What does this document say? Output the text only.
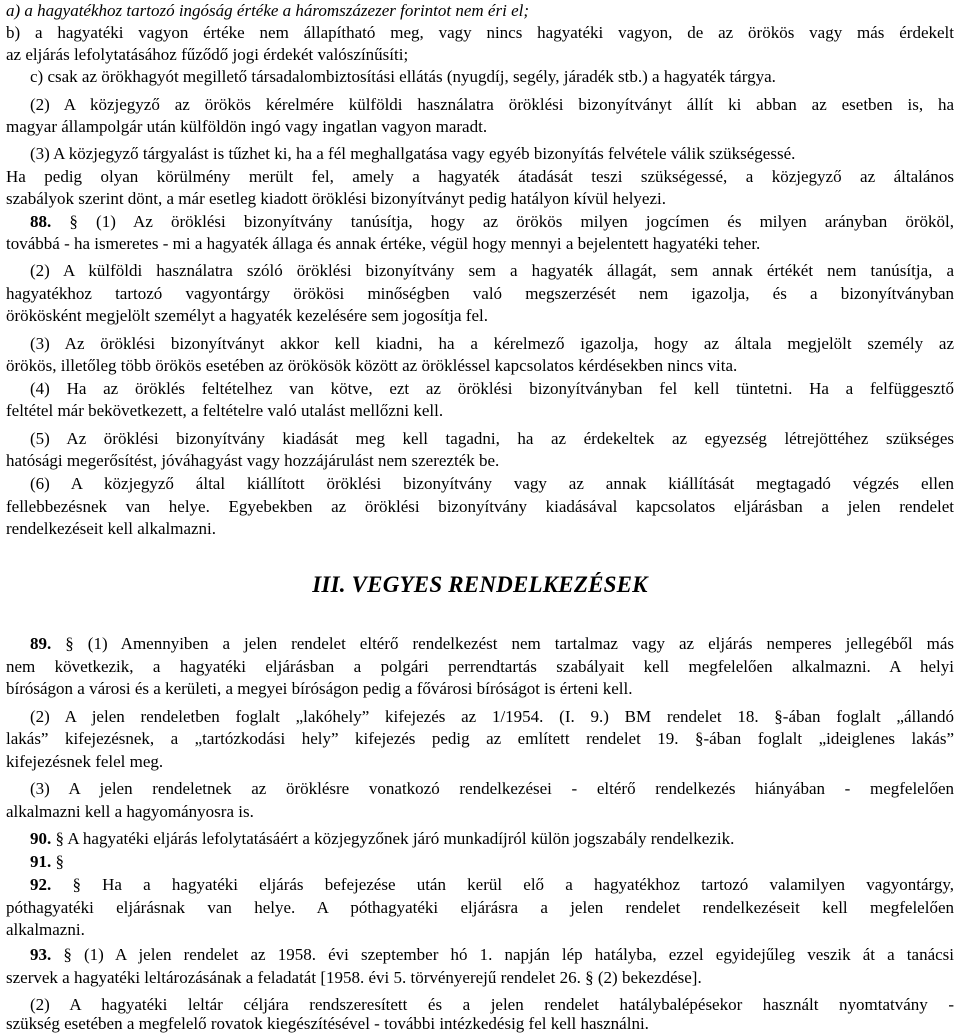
a) a hagyatékhoz tartozó ingóság értéke a háromszázezer forintot nem éri el;
b) a hagyatéki vagyon értéke nem állapítható meg, vagy nincs hagyatéki vagyon, de az örökös vagy más érdekelt
az eljárás lefolytatásához fűződő jogi érdekét valószínűsíti;
c) csak az örökhagyót megillető társadalombiztosítási ellátás (nyugdíj, segély, járadék stb.) a hagyaték tárgya.
(2) A közjegyző az örökös kérelmére külföldi használatra öröklési bizonyítványt állít ki abban az esetben is, ha
magyar állampolgár után külföldön ingó vagy ingatlan vagyon maradt.
(3) A közjegyző tárgyalást is tűzhet ki, ha a fél meghallgatása vagy egyéb bizonyítás felvétele válik szükségessé.
Ha pedig olyan körülmény merült fel, amely a hagyaték átadását teszi szükségessé, a közjegyző az általános
szabályok szerint dönt, a már esetleg kiadott öröklési bizonyítványt pedig hatályon kívül helyezi.
88. § (1) Az öröklési bizonyítvány tanúsítja, hogy az örökös milyen jogcímen és milyen arányban örököl,
továbbá - ha ismeretes - mi a hagyaték állaga és annak értéke, végül hogy mennyi a bejelentett hagyatéki teher.
(2) A külföldi használatra szóló öröklési bizonyítvány sem a hagyaték állagát, sem annak értékét nem tanúsítja, a
hagyatékhoz tartozó vagyontárgy örökösi minőségben való megszerzését nem igazolja, és a bizonyítványban
örökösként megjelölt személyt a hagyaték kezelésére sem jogosítja fel.
(3) Az öröklési bizonyítványt akkor kell kiadni, ha a kérelmező igazolja, hogy az általa megjelölt személy az
örökös, illetőleg több örökös esetében az örökösök között az örökléssel kapcsolatos kérdésekben nincs vita.
(4) Ha az öröklés feltételhez van kötve, ezt az öröklési bizonyítványban fel kell tüntetni. Ha a felfüggesztő
feltétel már bekövetkezett, a feltételre való utalást mellőzni kell.
(5) Az öröklési bizonyítvány kiadását meg kell tagadni, ha az érdekeltek az egyezség létrejöttéhez szükséges
hatósági megerősítést, jóváhagyást vagy hozzájárulást nem szerezték be.
(6) A közjegyző által kiállított öröklési bizonyítvány vagy az annak kiállítását megtagadó végzés ellen
fellebbezésnek van helye. Egyebekben az öröklési bizonyítvány kiadásával kapcsolatos eljárásban a jelen rendelet
rendelkezéseit kell alkalmazni.
III. VEGYES RENDELKEZÉSEK
89. § (1) Amennyiben a jelen rendelet eltérő rendelkezést nem tartalmaz vagy az eljárás nemperes jellegéből más
nem következik, a hagyatéki eljárásban a polgári perrendtartás szabályait kell megfelelően alkalmazni. A helyi
bíróságon a városi és a kerületi, a megyei bíróságon pedig a fővárosi bíróságot is érteni kell.
(2) A jelen rendeletben foglalt „lakóhely” kifejezés az 1/1954. (I. 9.) BM rendelet 18. §-ában foglalt „állandó
lakás” kifejezésnek, a „tartózkodási hely” kifejezés pedig az említett rendelet 19. §-ában foglalt „ideiglenes lakás”
kifejezésnek felel meg.
(3) A jelen rendeletnek az öröklésre vonatkozó rendelkezései - eltérő rendelkezés hiányában - megfelelően
alkalmazni kell a hagyományosra is.
90. § A hagyatéki eljárás lefolytatásáért a közjegyzőnek járó munkadíjról külön jogszabály rendelkezik.
91. §
92. § Ha a hagyatéki eljárás befejezése után kerül elő a hagyatékhoz tartozó valamilyen vagyontárgy,
póthagyatéki eljárásnak van helye. A póthagyatéki eljárásra a jelen rendelet rendelkezéseit kell megfelelően
alkalmazni.
93. § (1) A jelen rendelet az 1958. évi szeptember hó 1. napján lép hatályba, ezzel egyidejűleg veszik át a tanácsi
szervek a hagyatéki leltározásának a feladatát [1958. évi 5. törvényerejű rendelet 26. § (2) bekezdése].
(2) A hagyatéki leltár céljára rendszeresített és a jelen rendelet hatálybalépésekor használt nyomtatvány -
szükség esetében a megfelelő rovatok kiegészítésével - további intézkedésig fel kell használni.
